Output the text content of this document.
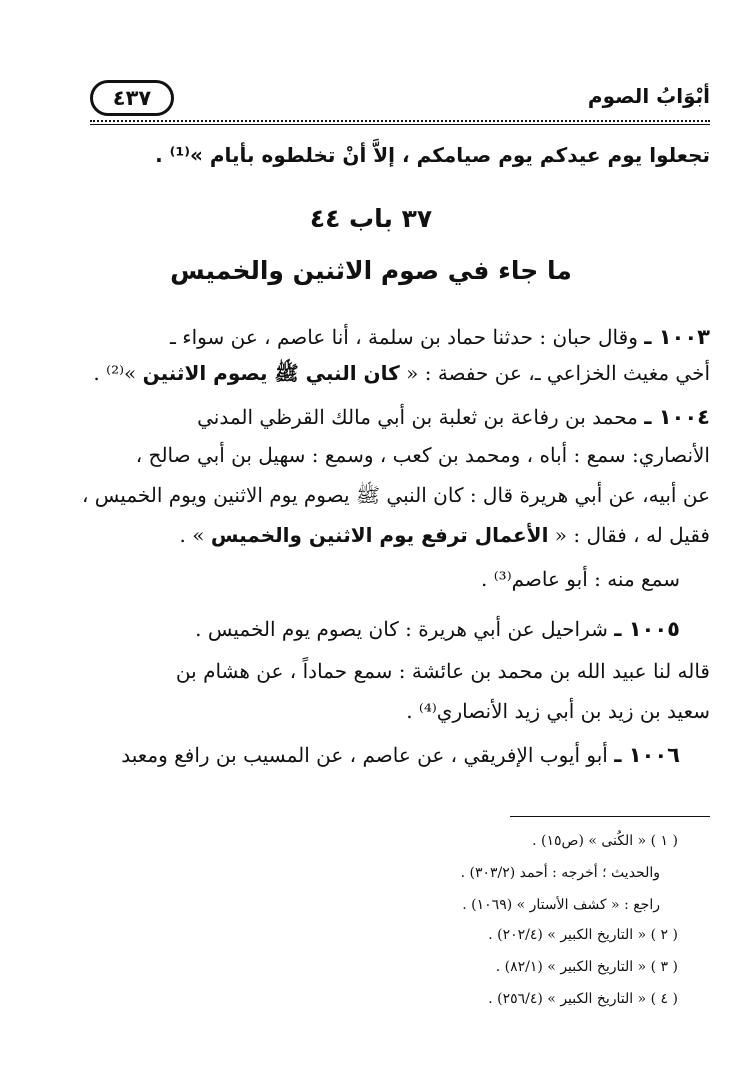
٤٣٧	أبْوَابُ الصوم
تجعلوا يوم عيدكم يوم صيامكم ، إلاَّ أنْ تخلطوه بأيام »⁽¹⁾ .
٣٧ باب ٤٤
ما جاء في صوم الاثنين والخميس
١٠٠٣ ـ وقال حبان : حدثنا حماد بن سلمة ، أنا عاصم ، عن سواء ـ
أخي مغيث الخزاعي ـ، عن حفصة : « كان النبي ﷺ يصوم الاثنين »⁽²⁾ .
١٠٠٤ ـ محمد بن رفاعة بن ثعلبة بن أبي مالك القرظي المدني
الأنصاري: سمع : أباه ، ومحمد بن كعب ، وسمع : سهيل بن أبي صالح ،
عن أبيه، عن أبي هريرة قال : كان النبي ﷺ يصوم يوم الاثنين ويوم الخميس ،
فقيل له ، فقال : « الأعمال ترفع يوم الاثنين والخميس » .
سمع منه : أبو عاصم⁽³⁾ .
١٠٠٥ ـ شراحيل عن أبي هريرة : كان يصوم يوم الخميس .
قاله لنا عبيد الله بن محمد بن عائشة : سمع حماداً ، عن هشام بن
سعيد بن زيد بن أبي زيد الأنصاري⁽⁴⁾ .
١٠٠٦ ـ أبو أيوب الإفريقي ، عن عاصم ، عن المسيب بن رافع ومعبد
( ١ ) « الكُنى » (ص١٥) .
والحديث ؛ أخرجه : أحمد (٣٠٣/٢) .
راجع : « كشف الأستار » (١٠٦٩) .
( ٢ ) « التاريخ الكبير » (٢٠٢/٤) .
( ٣ ) « التاريخ الكبير » (٨٢/١) .
( ٤ ) « التاريخ الكبير » (٢٥٦/٤) .
